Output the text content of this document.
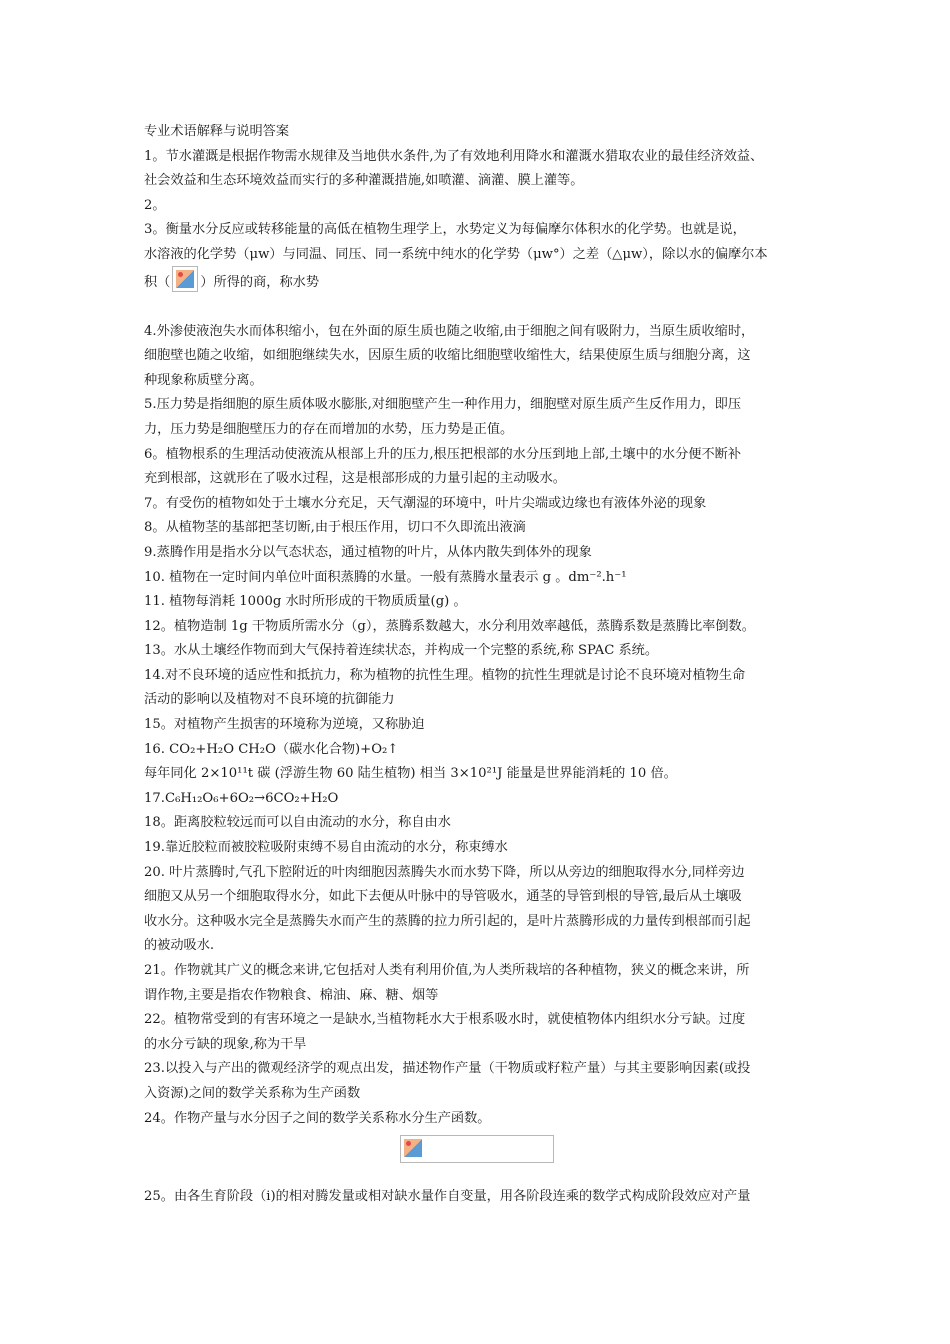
专业术语解释与说明答案
1。节水灌溉是根据作物需水规律及当地供水条件,为了有效地利用降水和灌溉水猎取农业的最佳经济效益、
社会效益和生态环境效益而实行的多种灌溉措施,如喷灌、滴灌、膜上灌等。
2。
3。衡量水分反应或转移能量的高低在植物生理学上，水势定义为每偏摩尔体积水的化学势。也就是说，
水溶液的化学势（μw）与同温、同压、同一系统中纯水的化学势（μw°）之差（△μw），除以水的偏摩尔本
积（ ）所得的商，称水势
4.外渗使液泡失水而体积缩小，包在外面的原生质也随之收缩,由于细胞之间有吸附力，当原生质收缩时，
细胞壁也随之收缩，如细胞继续失水，因原生质的收缩比细胞壁收缩性大，结果使原生质与细胞分离，这
种现象称质壁分离。
5.压力势是指细胞的原生质体吸水膨胀,对细胞壁产生一种作用力，细胞壁对原生质产生反作用力，即压
力，压力势是细胞壁压力的存在而增加的水势，压力势是正值。
6。植物根系的生理活动使液流从根部上升的压力,根压把根部的水分压到地上部,土壤中的水分便不断补
充到根部，这就形在了吸水过程，这是根部形成的力量引起的主动吸水。
7。有受伤的植物如处于土壤水分充足，天气潮湿的环境中，叶片尖端或边缘也有液体外泌的现象
8。从植物茎的基部把茎切断,由于根压作用，切口不久即流出液滴
9.蒸腾作用是指水分以气态状态，通过植物的叶片，从体内散失到体外的现象
10. 植物在一定时间内单位叶面积蒸腾的水量。一般有蒸腾水量表示 g 。dm⁻².h⁻¹
11. 植物每消耗 1000g 水时所形成的干物质质量(g) 。
12。植物造制 1g 干物质所需水分（g），蒸腾系数越大，水分利用效率越低，蒸腾系数是蒸腾比率倒数。
13。水从土壤经作物而到大气保持着连续状态，并构成一个完整的系统,称 SPAC 系统。
14.对不良环境的适应性和抵抗力，称为植物的抗性生理。植物的抗性生理就是讨论不良环境对植物生命
活动的影响以及植物对不良环境的抗御能力
15。对植物产生损害的环境称为逆境，又称胁迫
16. CO₂+H₂O CH₂O（碳水化合物)+O₂↑
每年同化 2×10¹¹t 碳 (浮游生物 60 陆生植物) 相当 3×10²¹J 能量是世界能消耗的 10 倍。
17.C₆H₁₂O₆+6O₂→6CO₂+H₂O
18。距离胶粒较远而可以自由流动的水分，称自由水
19.靠近胶粒而被胶粒吸附束缚不易自由流动的水分，称束缚水
20. 叶片蒸腾时,气孔下腔附近的叶肉细胞因蒸腾失水而水势下降，所以从旁边的细胞取得水分,同样旁边
细胞又从另一个细胞取得水分，如此下去便从叶脉中的导管吸水，通茎的导管到根的导管,最后从土壤吸
收水分。这种吸水完全是蒸腾失水而产生的蒸腾的拉力所引起的，是叶片蒸腾形成的力量传到根部而引起
的被动吸水.
21。作物就其广义的概念来讲,它包括对人类有利用价值,为人类所栽培的各种植物，狭义的概念来讲，所
谓作物,主要是指农作物粮食、棉油、麻、糖、烟等
22。植物常受到的有害环境之一是缺水,当植物耗水大于根系吸水时，就使植物体内组织水分亏缺。过度
的水分亏缺的现象,称为干旱
23.以投入与产出的微观经济学的观点出发，描述物作产量（干物质或籽粒产量）与其主要影响因素(或投
入资源)之间的数学关系称为生产函数
24。作物产量与水分因子之间的数学关系称水分生产函数。
25。由各生育阶段（i)的相对腾发量或相对缺水量作自变量，用各阶段连乘的数学式构成阶段效应对产量
